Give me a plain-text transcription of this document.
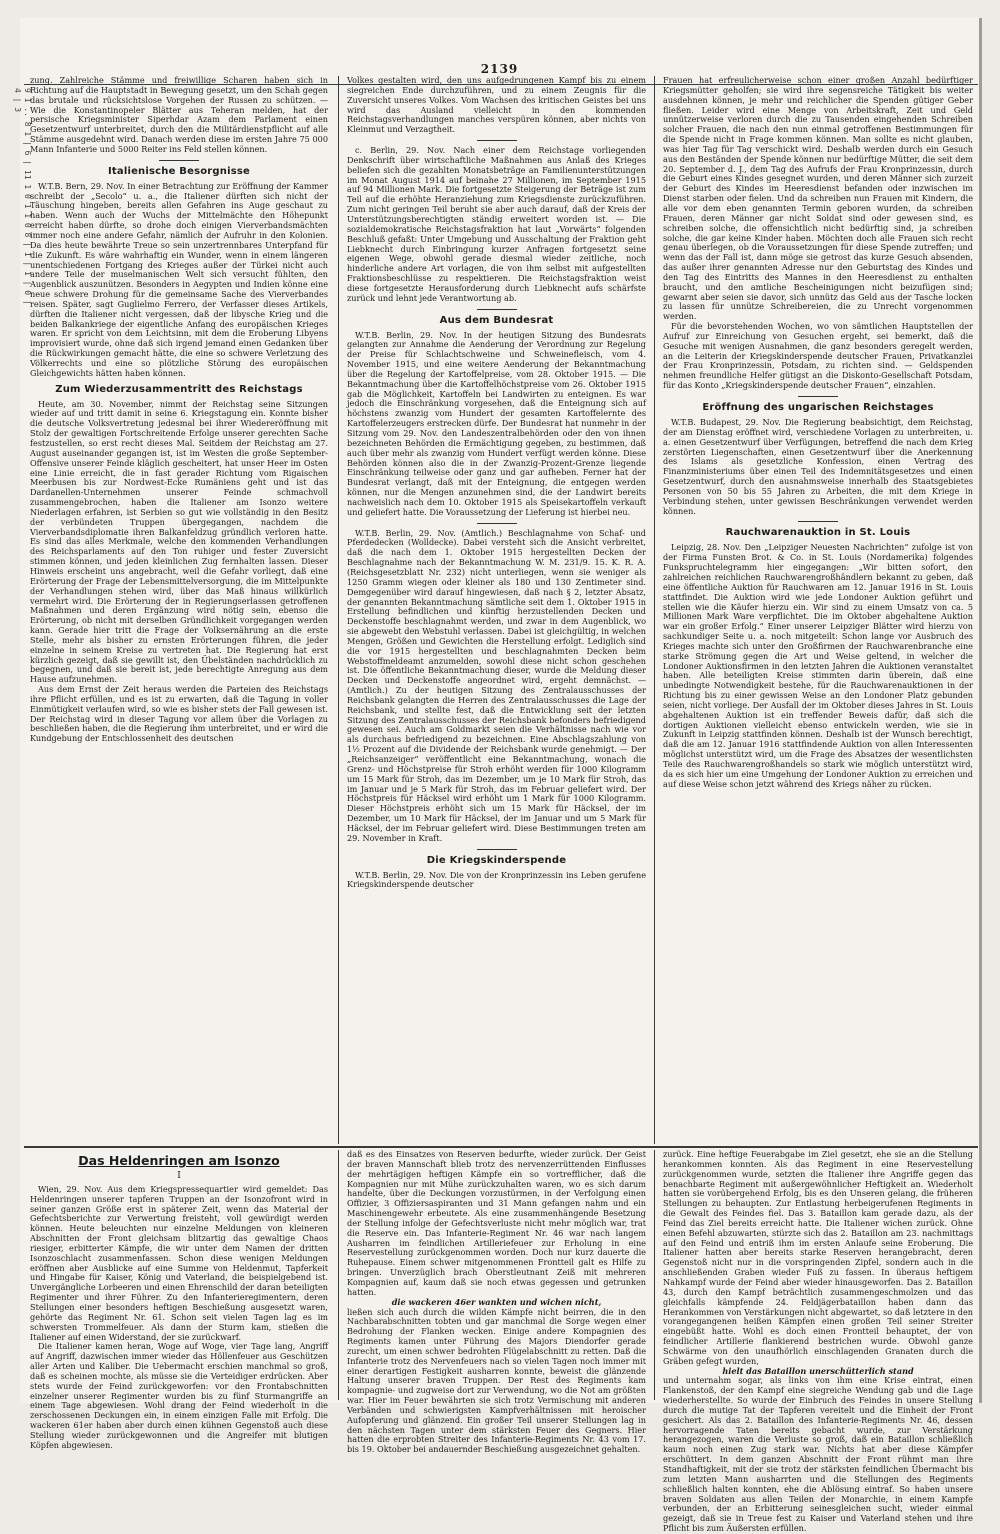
9 1 .. 8 1 | 6 | 11 1 0 1 1 0 8 | 1 | 1 | 0 | 4 | 3
2139

zung. Zahlreiche Stämme und freiwillige Scharen haben sich in Richtung auf die Hauptstadt in Bewegung gesetzt, um den Schah gegen das brutale und rücksichtslose Vorgehen der Russen zu schützen. — Wie die Konstantinopeler Blätter aus Teheran melden, hat der persische Kriegsminister Siperhdar Azam dem Parlament einen Gesetzentwurf unterbreitet, durch den die Militärdienstpflicht auf alle Stämme ausgedehnt wird. Danach werden diese im ersten Jahre 75 000 Mann Infanterie und 5000 Reiter ins Feld stellen können.

Italienische Besorgnisse

W.T.B. Bern, 29. Nov. In einer Betrachtung zur Eröffnung der Kammer schreibt der „Secolo“ u. a., die Italiener dürften sich nicht der Täuschung hingeben, bereits allen Gefahren ins Auge geschaut zu haben. Wenn auch der Wuchs der Mittelmächte den Höhepunkt erreicht haben dürfte, so drohe doch einigen Vierverbandsmächten immer noch eine andere Gefahr, nämlich der Aufruhr in den Kolonien. Da dies heute bewährte Treue so sein unzertrennbares Unterpfand für die Zukunft. Es wäre wahrhaftig ein Wunder, wenn in einem längeren unentschiedenen Fortgang des Krieges außer der Türkei nicht auch andere Teile der muselmanischen Welt sich versucht fühlten, den Augenblick auszunützen. Besonders in Aegypten und Indien könne eine neue schwere Drohung für die gemeinsame Sache des Vierverbandes reisen. Später, sagt Guglielmo Ferrero, der Verfasser dieses Artikels, dürften die Italiener nicht vergessen, daß der libysche Krieg und die beiden Balkankriege der eigentliche Anfang des europäischen Krieges waren. Er spricht von dem Leichtsinn, mit dem die Eroberung Libyens improvisiert wurde, ohne daß sich irgend jemand einen Gedanken über die Rückwirkungen gemacht hätte, die eine so schwere Verletzung des Völkerrechts und eine so plötzliche Störung des europäischen Gleichgewichts hätten haben können.

Zum Wiederzusammentritt des Reichstags

Heute, am 30. November, nimmt der Reichstag seine Sitzungen wieder auf und tritt damit in seine 6. Kriegstagung ein. Konnte bisher die deutsche Volksvertretung jedesmal bei ihrer Wiedereröffnung mit Stolz der gewaltigen Fortschreitende Erfolge unserer gerechten Sache festzustellen, so erst recht dieses Mal. Seitdem der Reichstag am 27. August auseinander gegangen ist, ist im Westen die große September-Offensive unserer Feinde kläglich gescheitert, hat unser Heer im Osten eine Linie erreicht, die in fast gerader Richtung vom Rigaischen Meerbusen bis zur Nordwest-Ecke Rumäniens geht und ist das Dardanellen-Unternehmen unserer Feinde schmachvoll zusammengebrochen, haben die Italiener am Isonzo weitere Niederlagen erfahren, ist Serbien so gut wie vollständig in den Besitz der verbündeten Truppen übergegangen, nachdem die Vierverbandsdiplomatie ihren Balkanfeldzug gründlich verloren hatte. Es sind das alles Merkmale, welche den kommenden Verhandlungen des Reichsparlaments auf den Ton ruhiger und fester Zuversicht stimmen können, und jeden kleinlichen Zug fernhalten lassen. Dieser Hinweis erscheint uns angebracht, weil die Gefahr vorliegt, daß eine Erörterung der Frage der Lebensmittelversorgung, die im Mittelpunkte der Verhandlungen stehen wird, über das Maß hinaus willkürlich vermehrt wird. Die Erörterung der in Regierungserlassen getroffenen Maßnahmen und deren Ergänzung wird nötig sein, ebenso die Erörterung, ob nicht mit derselben Gründlichkeit vorgegangen werden kann. Gerade hier tritt die Frage der Volksernährung an die erste Stelle, mehr als bisher zu ernsten Erörterungen führen, die jeder einzelne in seinem Kreise zu vertreten hat. Die Regierung hat erst kürzlich gezeigt, daß sie gewillt ist, den Übelständen nachdrücklich zu begegnen, und daß sie bereit ist, jede berechtigte Anregung aus dem Hause aufzunehmen.

Aus dem Ernst der Zeit heraus werden die Parteien des Reichstags ihre Pflicht erfüllen, und es ist zu erwarten, daß die Tagung in voller Einmütigkeit verlaufen wird, so wie es bisher stets der Fall gewesen ist. Der Reichstag wird in dieser Tagung vor allem über die Vorlagen zu beschließen haben, die die Regierung ihm unterbreitet, und er wird die Kundgebung der Entschlossenheit des deutschen

Volkes gestalten wird, den uns aufgedrungenen Kampf bis zu einem siegreichen Ende durchzuführen, und zu einem Zeugnis für die Zuversicht unseres Volkes. Vom Wachsen des kritischen Geistes bei uns wird das Ausland vielleicht in den kommenden Reichstagsverhandlungen manches verspüren können, aber nichts von Kleinmut und Verzagtheit.

c. Berlin, 29. Nov. Nach einer dem Reichstage vorliegenden Denkschrift über wirtschaftliche Maßnahmen aus Anlaß des Krieges beliefen sich die gezahlten Monatsbeträge an Familienunterstützungen im Monat August 1914 auf beinahe 27 Millionen, im September 1915 auf 94 Millionen Mark. Die fortgesetzte Steigerung der Beträge ist zum Teil auf die erhöhte Heranziehung zum Kriegsdienste zurückzuführen. Zum nicht geringen Teil beruht sie aber auch darauf, daß der Kreis der Unterstützungsberechtigten ständig erweitert worden ist. — Die sozialdemokratische Reichstagsfraktion hat laut „Vorwärts“ folgenden Beschluß gefaßt: Unter Umgebung und Ausschaltung der Fraktion geht Liebknecht durch Einbringung kurzer Anfragen fortgesetzt seine eigenen Wege, obwohl gerade diesmal wieder zeitliche, noch hinderliche andere Art vorlagen, die von ihm selbst mit aufgestellten Fraktionsbeschlüsse zu respektieren. Die Reichstagsfraktion weist diese fortgesetzte Herausforderung durch Liebknecht aufs schärfste zurück und lehnt jede Verantwortung ab.

Aus dem Bundesrat

W.T.B. Berlin, 29. Nov. In der heutigen Sitzung des Bundesrats gelangten zur Annahme die Aenderung der Verordnung zur Regelung der Preise für Schlachtschweine und Schweinefleisch, vom 4. November 1915, und eine weitere Aenderung der Bekanntmachung über die Regelung der Kartoffelpreise, vom 28. Oktober 1915. — Die Bekanntmachung über die Kartoffelhöchstpreise vom 26. Oktober 1915 gab die Möglichkeit, Kartoffeln bei Landwirten zu enteignen. Es war jedoch die Einschränkung vorgesehen, daß die Enteignung sich auf höchstens zwanzig vom Hundert der gesamten Kartoffelernte des Kartoffelerzeugers erstrecken dürfe. Der Bundesrat hat nunmehr in der Sitzung vom 29. Nov. den Landeszentralbehörden oder den von ihnen bezeichneten Behörden die Ermächtigung gegeben, zu bestimmen, daß auch über mehr als zwanzig vom Hundert verfügt werden könne. Diese Behörden können also die in der Zwanzig-Prozent-Grenze liegende Einschränkung teilweise oder ganz und gar aufheben. Ferner hat der Bundesrat verlangt, daß mit der Enteignung, die entgegen werden können, nur die Mengen anzunehmen sind, die der Landwirt bereits nachweislich nach dem 10. Oktober 1915 als Speisekartoffeln verkauft und geliefert hatte. Die Voraussetzung der Lieferung ist hierbei neu.

W.T.B. Berlin, 29. Nov. (Amtlich.) Beschlagnahme von Schaf- und Pferdedecken (Wolldecke). Dabei versteht sich die Ansicht verbreitet, daß die nach dem 1. Oktober 1915 hergestellten Decken der Beschlagnahme nach der Bekanntmachung W. M. 231/9. 15. K. R. A. (Reichsgesetzblatt Nr. 232) nicht unterliegen, wenn sie weniger als 1250 Gramm wiegen oder kleiner als 180 und 130 Zentimeter sind. Demgegenüber wird darauf hingewiesen, daß nach § 2, letzter Absatz, der genannten Bekanntmachung sämtliche seit dem 1. Oktober 1915 in Erstellung befindlichen und künftig herzustellenden Decken und Deckenstoffe beschlagnahmt werden, und zwar in dem Augenblick, wo sie abgewebt den Webstuhl verlassen. Dabei ist gleichgültig, in welchen Mengen, Größen und Gewichten die Herstellung erfolgt. Lediglich sind die vor 1915 hergestellten und beschlagnahmten Decken beim Webstoffmeldeamt anzumelden, sowohl diese nicht schon geschehen ist. Die öffentliche Bekanntmachung dieser, wurde die Meldung dieser Decken und Deckenstoffe angeordnet wird, ergeht demnächst. — (Amtlich.) Zu der heutigen Sitzung des Zentralausschusses der Reichsbank gelangten die Herren des Zentralausschusses die Lage der Reichsbank, und stellte fest, daß die Entwicklung seit der letzten Sitzung des Zentralausschusses der Reichsbank befonders befriedigend gewesen sei. Auch am Goldmarkt seien die Verhältnisse nach wie vor als durchaus befriedigend zu bezeichnen. Eine Abschlagszahlung von 1½ Prozent auf die Dividende der Reichsbank wurde genehmigt. — Der „Reichsanzeiger“ veröffentlicht eine Bekanntmachung, wonach die Grenz- und Höchstpreise für Stroh erhöht werden für 1000 Kilogramm um 15 Mark für Stroh, das im Dezember, um je 10 Mark für Stroh, das im Januar und je 5 Mark für Stroh, das im Februar geliefert wird. Der Höchstpreis für Häcksel wird erhöht um 1 Mark für 1000 Kilogramm. Dieser Höchstpreis erhöht sich um 15 Mark für Häcksel, der im Dezember, um 10 Mark für Häcksel, der im Januar und um 5 Mark für Häcksel, der im Februar geliefert wird. Diese Bestimmungen treten am 29. November in Kraft.

Die Kriegskinderspende

W.T.B. Berlin, 29. Nov. Die von der Kronprinzessin ins Leben gerufene Kriegskinderspende deutscher

Frauen hat erfreulicherweise schon einer großen Anzahl bedürftiger Kriegsmütter geholfen; sie wird ihre segensreiche Tätigkeit bis weiter ausdehnen können, je mehr und reichlicher die Spenden gütiger Geber fließen. Leider wird eine Menge von Arbeitskraft, Zeit und Geld unnützerweise verloren durch die zu Tausenden eingehenden Schreiben solcher Frauen, die nach den nun einmal getroffenen Bestimmungen für die Spende nicht in Frage kommen können. Man sollte es nicht glauben, was hier Tag für Tag verschickt wird. Deshalb werden durch ein Gesuch aus den Beständen der Spende können nur bedürftige Mütter, die seit dem 20. September d. J., dem Tag des Aufrufs der Frau Kronprinzessin, durch die Geburt eines Kindes gesegnet wurden, und deren Männer sich zurzeit der Geburt des Kindes im Heeresdienst befanden oder inzwischen im Dienst starben oder fielen. Und da schreiben nun Frauen mit Kindern, die alle vor dem eben genannten Termin geboren wurden, da schreiben Frauen, deren Männer gar nicht Soldat sind oder gewesen sind, es schreiben solche, die offensichtlich nicht bedürftig sind, ja schreiben solche, die gar keine Kinder haben. Möchten doch alle Frauen sich recht genau überlegen, ob die Voraussetzungen für diese Spende zutreffen; und wenn das der Fall ist, dann möge sie getrost das kurze Gesuch absenden, das außer ihrer genannten Adresse nur den Geburtstag des Kindes und den Tag des Eintritts des Mannes in den Heeresdienst zu enthalten braucht, und den amtliche Bescheinigungen nicht beizufügen sind; gewarnt aber seien sie davor, sich unnütz das Geld aus der Tasche locken zu lassen für unnütze Schreibereien, die zu Unrecht vorgenommen werden.

Für die bevorstehenden Wochen, wo von sämtlichen Hauptstellen der Aufruf zur Einreichung von Gesuchen ergeht, sei bemerkt, daß die Gesuche mit wenigen Ausnahmen, die ganz besonders geregelt werden, an die Leiterin der Kriegskinderspende deutscher Frauen, Privatkanzlei der Frau Kronprinzessin, Potsdam, zu richten sind. — Geldspenden nehmen freundliche Helfer gütigst an die Diskonto-Gesellschaft Potsdam, für das Konto „Kriegskinderspende deutscher Frauen“, einzahlen.

Eröffnung des ungarischen Reichstages

W.T.B. Budapest, 29. Nov. Die Regierung beabsichtigt, dem Reichstag, der am Dienstag eröffnet wird, verschiedene Vorlagen zu unterbreiten, u. a. einen Gesetzentwurf über Verfügungen, betreffend die nach dem Krieg zerstörten Liegenschaften, einen Gesetzentwurf über die Anerkennung des Islams als gesetzliche Konfession, einen Vertrag des Finanzministeriums über einen Teil des Indemnitätsgesetzes und einen Gesetzentwurf, durch den ausnahmsweise innerhalb des Staatsgebietes Personen von 50 bis 55 Jahren zu Arbeiten, die mit dem Kriege in Verbindung stehen, unter gewissen Beschränkungen verwendet werden können.

Rauchwarenauktion in St. Louis

Leipzig, 28. Nov. Den „Leipziger Neuesten Nachrichten“ zufolge ist von der Firma Funsten Brot. & Co. in St. Louis (Nordamerika) folgendes Funkspruchtelegramm hier eingegangen: „Wir bitten sofort, den zahlreichen reichlichen Rauchwarengroßhändlern bekannt zu geben, daß eine öffentliche Auktion für Rauchwaren am 12. Januar 1916 in St. Louis stattfindet. Die Auktion wird wie jede Londoner Auktion geführt und stellen wie die Käufer hierzu ein. Wir sind zu einem Umsatz von ca. 5 Millionen Mark Ware verpflichtet. Die im Oktober abgehaltene Auktion war ein großer Erfolg.“ Einer unserer Leipziger Blätter wird hierzu von sachkundiger Seite u. a. noch mitgeteilt: Schon lange vor Ausbruch des Krieges machte sich unter den Großfirmen der Rauchwarenbranche eine starke Strömung gegen die Art und Weise geltend, in welcher die Londoner Auktionsfirmen in den letzten Jahren die Auktionen veranstaltet haben. Alle beteiligten Kreise stimmten darin überein, daß eine unbedingte Notwendigkeit bestehe, für die Rauchwarenauktionen in der Richtung bis zu einer gewissen Weise an den Londoner Platz gebunden seien, nicht vorliege. Der Ausfall der im Oktober dieses Jahres in St. Louis abgehaltenen Auktion ist ein treffender Beweis dafür, daß sich die dortigen Auktionen vielleicht ebenso entwickeln werden, wie sie in Zukunft in Leipzig stattfinden können. Deshalb ist der Wunsch berechtigt, daß die am 12. Januar 1916 stattfindende Auktion von allen Interessenten möglichst unterstützt wird, um die Frage des Absatzes der wesentlichsten Teile des Rauchwarengroßhandels so stark wie möglich unterstützt wird, da es sich hier um eine Umgehung der Londoner Auktion zu erreichen und auf diese Weise schon jetzt während des Kriegs näher zu rücken.

Das Heldenringen am Isonzo
I

Wien, 29. Nov. Aus dem Kriegspressequartier wird gemeldet: Das Heldenringen unserer tapferen Truppen an der Isonzofront wird in seiner ganzen Größe erst in späterer Zeit, wenn das Material der Gefechtsberichte zur Verwertung freisteht, voll gewürdigt werden können. Heute beleuchten nur einzelne Meldungen von kleineren Abschnitten der Front gleichsam blitzartig das gewaltige Chaos riesiger, erbitterter Kämpfe, die wir unter dem Namen der dritten Isonzoschlacht zusammenfassen. Schon diese wenigen Meldungen eröffnen aber Ausblicke auf eine Summe von Heldenmut, Tapferkeit und Hingabe für Kaiser, König und Vaterland, die beispielgebend ist. Unvergängliche Lorbeeren und einen Ehrenschild der daran beteiligten Regimenter und ihrer Führer. Zu den Infanterieregimentern, deren Stellungen einer besonders heftigen Beschießung ausgesetzt waren, gehörte das Regiment Nr. 61. Schon seit vielen Tagen lag es im schwersten Trommelfeuer. Als dann der Sturm kam, stießen die Italiener auf einen Widerstand, der sie zurückwarf.

Die Italiener kamen heran, Woge auf Woge, vier Tage lang, Angriff auf Angriff, dazwischen immer wieder das Höllenfeuer aus Geschützen aller Arten und Kaliber. Die Uebermacht erschien manchmal so groß, daß es scheinen mochte, als müsse sie die Verteidiger erdrücken. Aber stets wurde der Feind zurückgeworfen: vor den Frontabschnitten einzelner unserer Regimenter wurden bis zu fünf Sturmangriffe an einem Tage abgewiesen. Wohl drang der Feind wiederholt in die zerschossenen Deckungen ein, in einem einzigen Falle mit Erfolg. Die wackeren 61er haben aber durch einen kühnen Gegenstoß auch diese Stellung wieder zurückgewonnen und die Angreifer mit blutigen Köpfen abgewiesen.

daß es des Einsatzes von Reserven bedurfte, wieder zurück. Der Geist der braven Mannschaft blieb trotz des nervenzerrüttenden Einflusses der mehrtägigen heftigen Kämpfe ein so vortrefflicher, daß die Kompagnien nur mit Mühe zurückzuhalten waren, wo es sich darum handelte, über die Deckungen vorzustürmen, in der Verfolgung einen Offizier, 3 Offiziersaspiranten und 31 Mann gefangen nahm und ein Maschinengewehr erbeutete. Als eine zusammenhängende Besetzung der Stellung infolge der Gefechtsverluste nicht mehr möglich war, trat die Reserve ein. Das Infanterie-Regiment Nr. 46 war nach langem Ausharren im feindlichen Artilleriefeuer zur Erholung in eine Reservestellung zurückgenommen worden. Doch nur kurz dauerte die Ruhepause. Einem schwer mitgenommenen Frontteil galt es Hilfe zu bringen. Unverzüglich brach Oberstleutnant Zeiß mit mehreren Kompagnien auf, kaum daß sie noch etwas gegessen und getrunken hatten.

die wackeren 46er wankten und wichen nicht,

ließen sich auch durch die wilden Kämpfe nicht beirren, die in den Nachbarabschnitten tobten und gar manchmal die Sorge wegen einer Bedrohung der Flanken wecken. Einige andere Kompagnien des Regiments kamen unter Führung des Majors Diendorfer gerade zurecht, um einen schwer bedrohten Flügelabschnitt zu retten. Daß die Infanterie trotz des Nervenfeuers nach so vielen Tagen noch immer mit einer derartigen Festigkeit ausharren konnte, beweist die glänzende Haltung unserer braven Truppen. Der Rest des Regiments kam kompagnie- und zugweise dort zur Verwendung, wo die Not am größten war. Hier im Feuer bewährten sie sich trotz Vermischung mit anderen Verbänden und schwierigsten Kampfverhältnissen mit heroischer Aufopferung und glänzend. Ein großer Teil unserer Stellungen lag in den nächsten Tagen unter dem stärksten Feuer des Gegners. Hier hatten die erprobten Streiter des Infanterie-Regiments Nr. 43 vom 17. bis 19. Oktober bei andauernder Beschießung ausgezeichnet gehalten.

zurück. Eine heftige Feuerabgabe im Ziel gesetzt, ehe sie an die Stellung herankommen konnten. Als das Regiment in eine Reservestellung zurückgenommen wurde, setzten die Italiener ihre Angriffe gegen das benachbarte Regiment mit außergewöhnlicher Heftigkeit an. Wiederholt hatten sie vorübergehend Erfolg, bis es den Unseren gelang, die früheren Stellungen zu behaupten. Zur Entlastung herbeigerufenen Regiments in die Gewalt des Feindes fiel. Das 3. Bataillon kam gerade dazu, als der Feind das Ziel bereits erreicht hatte. Die Italiener wichen zurück. Ohne einen Befehl abzuwarten, stürzte sich das 2. Bataillon am 23. nachmittags auf den Feind und entriß ihm im ersten Anlaufe seine Eroberung. Die Italiener hatten aber bereits starke Reserven herangebracht, deren Gegenstoß nicht nur in die vorspringenden Zipfel, sondern auch in die anschließenden Graben wieder Fuß zu fassen. In überaus heftigem Nahkampf wurde der Feind aber wieder hinausgeworfen. Das 2. Bataillon 43, durch den Kampf beträchtlich zusammengeschmolzen und das gleichfalls kämpfende 24. Feldjägerbataillon haben dann das Herankommen von Verstärkungen nicht abgewartet, so daß letztere in den vorangegangenen heißen Kämpfen einen großen Teil seiner Streiter eingebüßt hatte. Wohl es doch einen Frontteil behauptet, der von feindlicher Artillerie flankierend bestrichen wurde. Obwohl ganze Schwärme von den unaufhörlich einschlagenden Granaten durch die Gräben gefegt wurden,

hielt das Bataillon unerschütterlich stand

und unternahm sogar, als links von ihm eine Krise eintrat, einen Flankenstoß, der den Kampf eine siegreiche Wendung gab und die Lage wiederherstellte. So wurde der Einbruch des Feindes in unsere Stellung durch die mutige Tat der Tapferen vereitelt und die Einheit der Front gesichert. Als das 2. Bataillon des Infanterie-Regiments Nr. 46, dessen hervorragende Taten bereits gebacht wurde, zur Verstärkung herangezogen, waren die Verluste so groß, daß ein Bataillon schließlich kaum noch einen Zug stark war. Nichts hat aber diese Kämpfer erschüttert. In dem ganzen Abschnitt der Front rühmt man ihre Standhaftigkeit, mit der sie trotz der stärksten feindlichen Übermacht bis zum letzten Mann ausharrten und die Stellungen des Regiments schließlich halten konnten, ehe die Ablösung eintraf. So haben unsere braven Soldaten aus allen Teilen der Monarchie, in einem Kampfe verbunden, der an Erbitterung seinesgleichen sucht, wieder einmal gezeigt, daß sie in Treue fest zu Kaiser und Vaterland stehen und ihre Pflicht bis zum Äußersten erfüllen.
